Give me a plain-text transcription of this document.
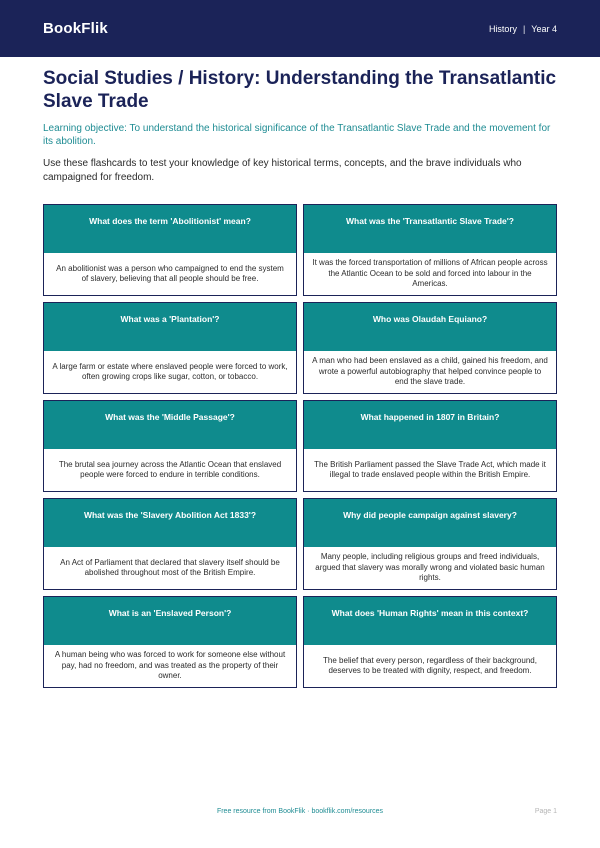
BookFlik	History | Year 4
Social Studies / History: Understanding the Transatlantic Slave Trade

Learning objective: To understand the historical significance of the Transatlantic Slave Trade and the movement for its abolition.

Use these flashcards to test your knowledge of key historical terms, concepts, and the brave individuals who campaigned for freedom.

What does the term 'Abolitionist' mean?
An abolitionist was a person who campaigned to end the system of slavery, believing that all people should be free.
What was the 'Transatlantic Slave Trade'?
It was the forced transportation of millions of African people across the Atlantic Ocean to be sold and forced into labour in the Americas.
What was a 'Plantation'?
A large farm or estate where enslaved people were forced to work, often growing crops like sugar, cotton, or tobacco.
Who was Olaudah Equiano?
A man who had been enslaved as a child, gained his freedom, and wrote a powerful autobiography that helped convince people to end the slave trade.
What was the 'Middle Passage'?
The brutal sea journey across the Atlantic Ocean that enslaved people were forced to endure in terrible conditions.
What happened in 1807 in Britain?
The British Parliament passed the Slave Trade Act, which made it illegal to trade enslaved people within the British Empire.
What was the 'Slavery Abolition Act 1833'?
An Act of Parliament that declared that slavery itself should be abolished throughout most of the British Empire.
Why did people campaign against slavery?
Many people, including religious groups and freed individuals, argued that slavery was morally wrong and violated basic human rights.
What is an 'Enslaved Person'?
A human being who was forced to work for someone else without pay, had no freedom, and was treated as the property of their owner.
What does 'Human Rights' mean in this context?
The belief that every person, regardless of their background, deserves to be treated with dignity, respect, and freedom.
Free resource from BookFlik · bookflik.com/resources	Page 1
